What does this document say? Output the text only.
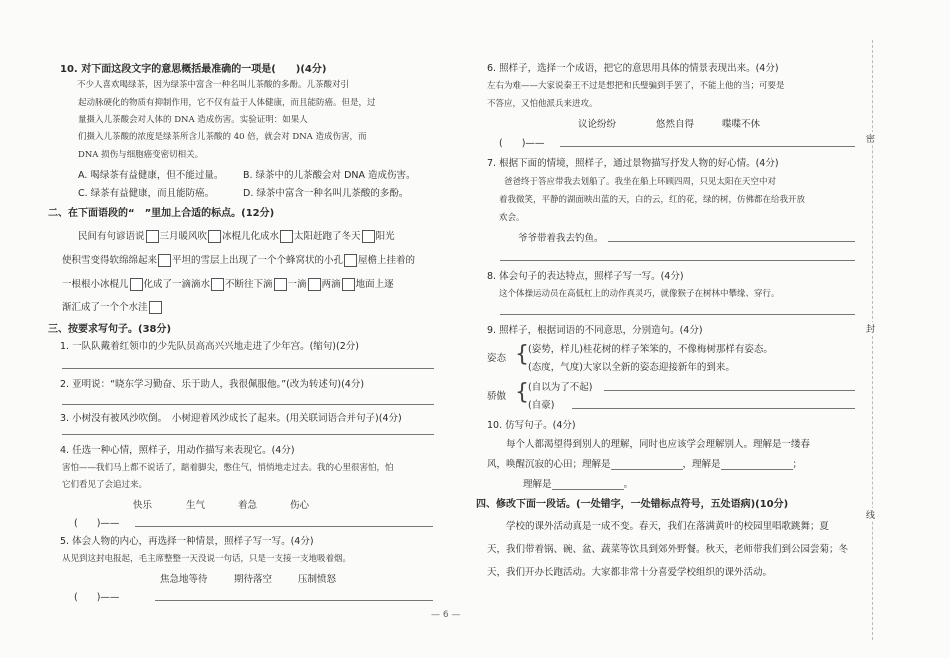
10. 对下面这段文字的意思概括最准确的一项是(　　)(4分)
　　不少人喜欢喝绿茶，因为绿茶中富含一种名叫儿茶酸的多酚。儿茶酸对引
起动脉硬化的物质有抑制作用，它不仅有益于人体健康，而且能防癌。但是，过
量摄入儿茶酸会对人体的 DNA 造成伤害。实验证明：如果人
们摄入儿茶酸的浓度是绿茶所含儿茶酸的 40 倍，就会对 DNA 造成伤害，而
DNA 损伤与细胞癌变密切相关。
A. 喝绿茶有益健康，但不能过量。 B. 绿茶中的儿茶酸会对 DNA 造成伤害。
C. 绿茶有益健康，而且能防癌。	D. 绿茶中富含一种名叫儿茶酸的多酚。
二、在下面语段的“　”里加上合适的标点。(12分)
民间有句谚语说 三月暖风吹 冰棍儿化成水 太阳赶跑了冬天 阳光
使积雪变得软绵绵起来 平坦的雪层上出现了一个个蜂窝状的小孔 屋檐上挂着的
一根根小冰棍儿 化成了一滴滴水 不断往下滴 一滴 两滴 地面上逐
渐汇成了一个个水洼
三、按要求写句子。(38分)
1. 一队队戴着红领巾的少先队员高高兴兴地走进了少年宫。(缩句)(2分)
2. 亚明说：“晓东学习勤奋、乐于助人，我很佩服他。”(改为转述句)(4分)
3. 小树没有被风沙吹倒。　小树迎着风沙成长了起来。(用关联词语合并句子)(4分)
4. 任选一种心情，照样子，用动作描写来表现它。(4分)
害怕——我们马上都不说话了，踮着脚尖，憋住气，悄悄地走过去。我的心里很害怕，怕
它们看见了会追过来。
快乐	生气	着急	伤心
(　　)——
5. 体会人物的内心，再选择一种情景，照样子写一写。(4分)
从见到这封电报起，毛主席整整一天没说一句话，只是一支接一支地吸着烟。
焦急地等待	期待落空	压制愤怒
(　　)——
6. 照样子，选择一个成语，把它的意思用具体的情景表现出来。(4分)
左右为难——大家说秦王不过是想把和氏璧骗到手罢了，不能上他的当；可要是
不答应，又怕他派兵来进攻。
议论纷纷	悠然自得	喋喋不休
(　　)——
7. 根据下面的情境，照样子，通过景物描写抒发人物的好心情。(4分)
　　爸爸终于答应带我去划船了。我坐在船上环顾四周，只见太阳在天空中对
着我微笑，平静的湖面映出蓝的天，白的云，红的花，绿的树，仿佛都在给我开放
欢会。
　　爷爷带着我去钓鱼。
8. 体会句子的表达特点，照样子写一写。(4分)
这个体操运动员在高低杠上的动作真灵巧，就像猴子在树林中攀缘、穿行。
9. 照样子，根据词语的不同意思，分别造句。(4分)
姿态 { (姿势，样儿)桂花树的样子笨笨的，不像梅树那样有姿态。
(态度，气度)大家以全新的姿态迎接新年的到来。
骄傲 { (自以为了不起)
(自豪)
10. 仿写句子。(4分)
　　每个人都渴望得到别人的理解，同时也应该学会理解别人。理解是一缕春
风，唤醒沉寂的心田；理解是	，理解是	；
理解是	。
四、修改下面一段话。(一处错字，一处错标点符号，五处语病)(10分)
　　学校的课外活动真是一成不变。春天，我们在落满黄叶的校园里唱歌跳舞；夏
天，我们带着锅、碗、盆、蔬菜等饮具到郊外野餐。秋天，老师带我们到公园尝菊；冬
天，我们开办长跑活动。大家都非常十分喜爱学校组织的课外活动。
密
封
线
— 6 —
